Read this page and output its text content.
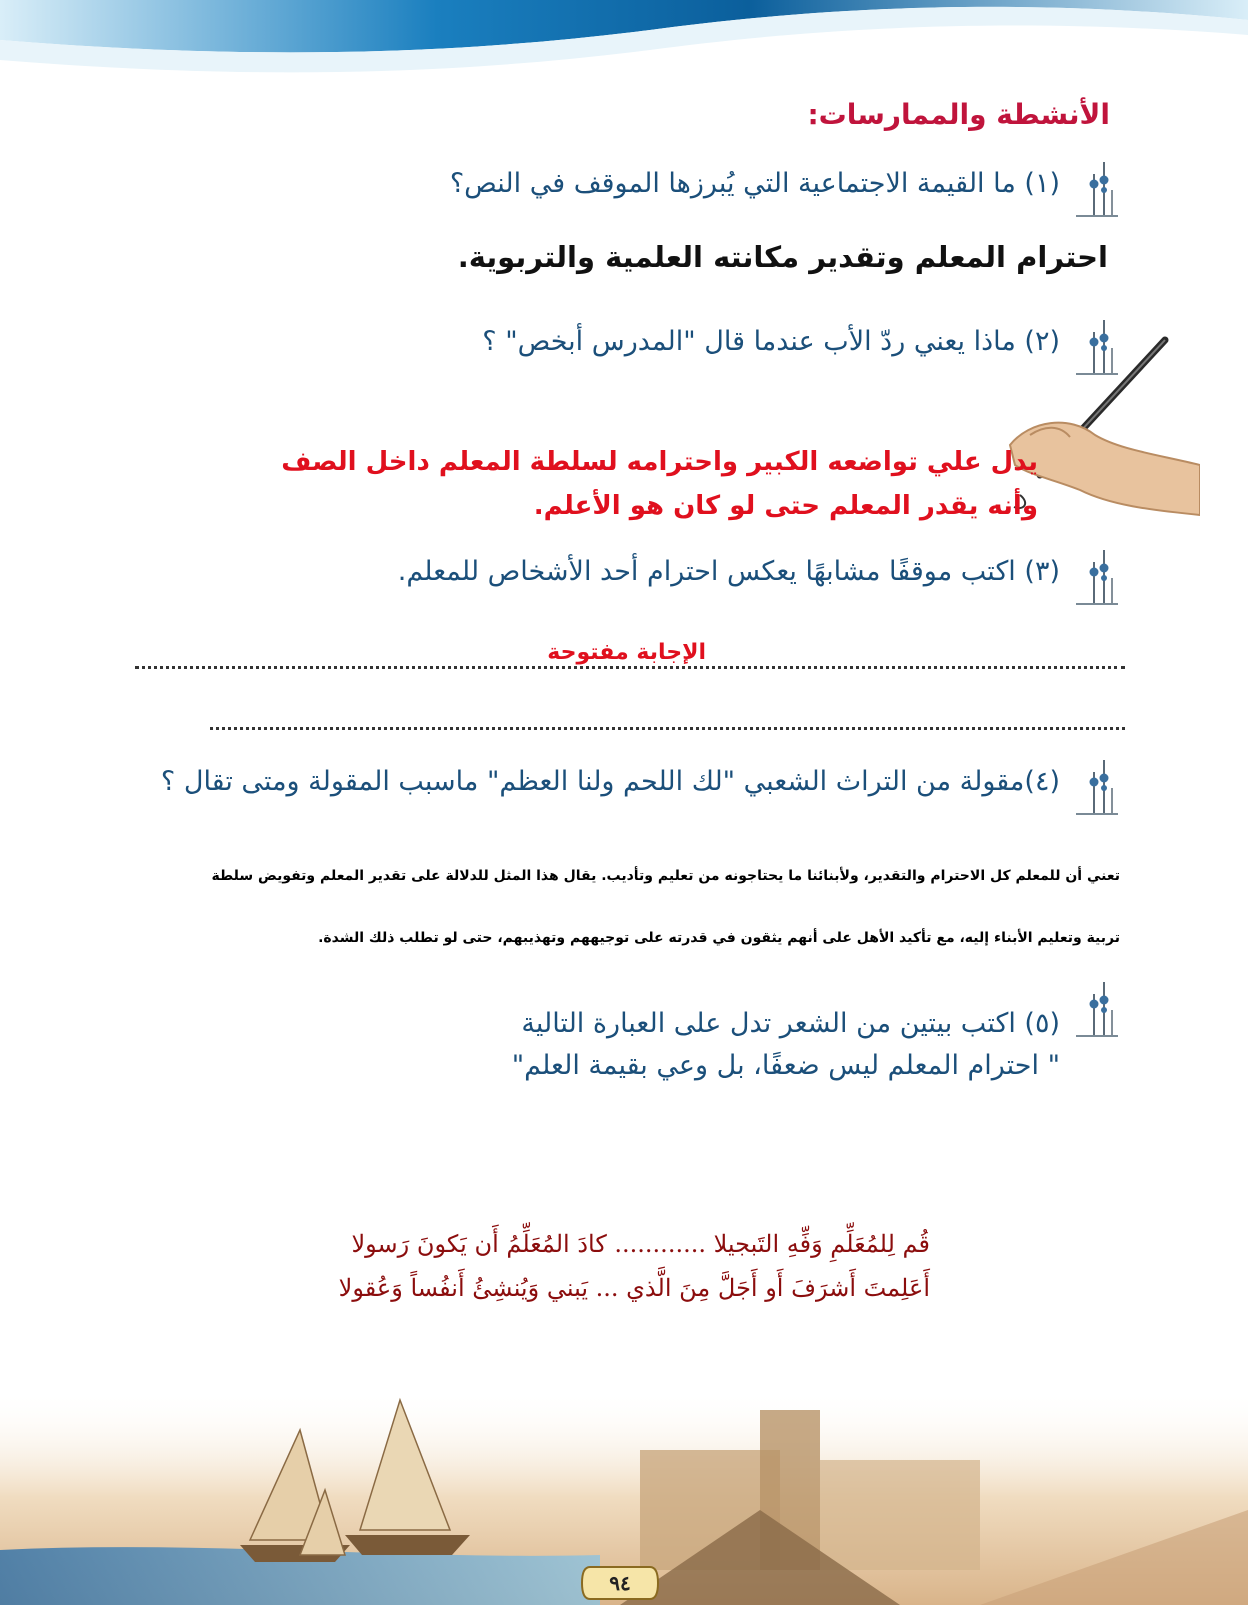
الأنشطة والممارسات:
(١) ما القيمة الاجتماعية التي يُبرزها الموقف في النص؟
احترام المعلم وتقدير مكانته العلمية والتربوية.
(٢) ماذا يعني ردّ الأب عندما قال "المدرس أبخص" ؟
يدل علي تواضعه الكبير واحترامه لسلطة المعلم داخل الصف وأنه يقدر المعلم حتى لو كان هو الأعلم.
(٣) اكتب موقفًا مشابهًا يعكس احترام أحد الأشخاص للمعلم.
الإجابة مفتوحة
(٤)مقولة من التراث الشعبي "لك اللحم ولنا العظم" ماسبب المقولة ومتى تقال ؟
تعني أن للمعلم كل الاحترام والتقدير، ولأبنائنا ما يحتاجونه من تعليم وتأديب. يقال هذا المثل للدلالة على تقدير المعلم وتفويض سلطة
تربية وتعليم الأبناء إليه، مع تأكيد الأهل على أنهم يثقون في قدرته على توجيههم وتهذيبهم، حتى لو تطلب ذلك الشدة.
(٥) اكتب بيتين من الشعر تدل على العبارة التالية
" احترام المعلم ليس ضعفًا، بل وعي بقيمة العلم"
قُم لِلمُعَلِّمِ وَفِّهِ التَبجيلا ............ كادَ المُعَلِّمُ أَن يَكونَ رَسولا
أَعَلِمتَ أَشرَفَ أَو أَجَلَّ مِنَ الَّذي ... يَبني وَيُنشِئُ أَنفُساً وَعُقولا
٩٤
